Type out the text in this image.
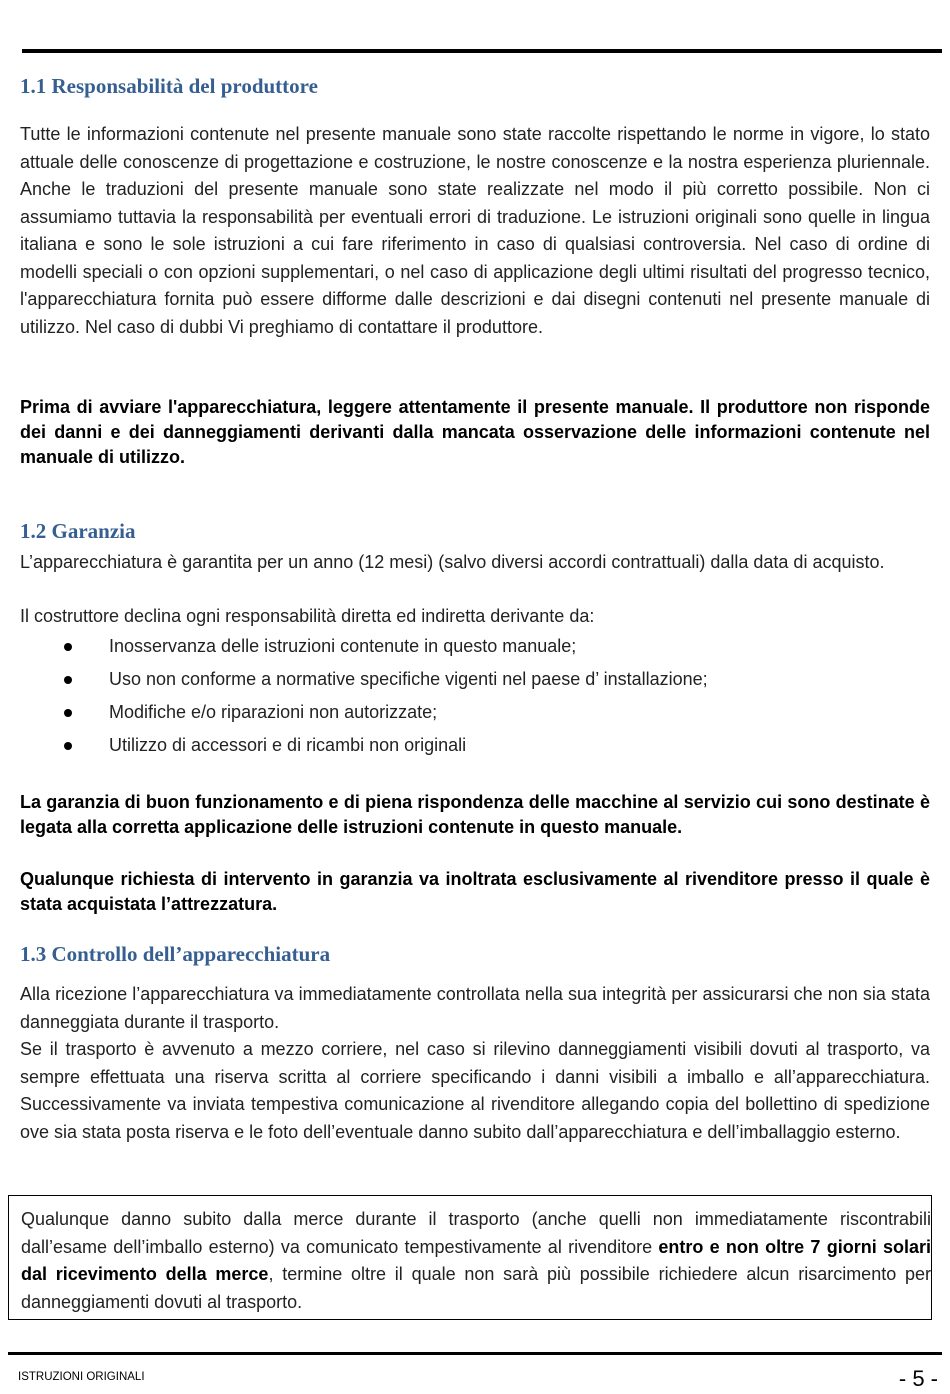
1.1 Responsabilità del produttore

Tutte le informazioni contenute nel presente manuale sono state raccolte rispettando le norme in vigore, lo stato attuale delle conoscenze di progettazione e costruzione, le nostre conoscenze e la nostra esperienza pluriennale. Anche le traduzioni del presente manuale sono state realizzate nel modo il più corretto possibile. Non ci assumiamo tuttavia la responsabilità per eventuali errori di traduzione. Le istruzioni originali sono quelle in lingua italiana e sono le sole istruzioni a cui fare riferimento in caso di qualsiasi controversia. Nel caso di ordine di modelli speciali o con opzioni supplementari, o nel caso di applicazione degli ultimi risultati del progresso tecnico, l'apparecchiatura fornita può essere difforme dalle descrizioni e dai disegni contenuti nel presente manuale di utilizzo. Nel caso di dubbi Vi preghiamo di contattare il produttore.

Prima di avviare l'apparecchiatura, leggere attentamente il presente manuale. Il produttore non risponde dei danni e dei danneggiamenti derivanti dalla mancata osservazione delle informazioni contenute nel manuale di utilizzo.

1.2 Garanzia

L’apparecchiatura è garantita per un anno (12 mesi) (salvo diversi accordi contrattuali) dalla data di acquisto.

Il costruttore declina ogni responsabilità diretta ed indiretta derivante da:

Inosservanza delle istruzioni contenute in questo manuale;
Uso non conforme a normative specifiche vigenti nel paese d’ installazione;
Modifiche e/o riparazioni non autorizzate;
Utilizzo di accessori e di ricambi non originali

La garanzia di buon funzionamento e di piena rispondenza delle macchine al servizio cui sono destinate è legata alla corretta applicazione delle istruzioni contenute in questo manuale.

Qualunque richiesta di intervento in garanzia va inoltrata esclusivamente al rivenditore presso il quale è stata acquistata l’attrezzatura.

1.3 Controllo dell’apparecchiatura

Alla ricezione l’apparecchiatura va immediatamente controllata nella sua integrità per assicurarsi che non sia stata danneggiata durante il trasporto.

Se il trasporto è avvenuto a mezzo corriere, nel caso si rilevino danneggiamenti visibili dovuti al trasporto, va sempre effettuata una riserva scritta al corriere specificando i danni visibili a imballo e all’apparecchiatura. Successivamente va inviata tempestiva comunicazione al rivenditore allegando copia del bollettino di spedizione ove sia stata posta riserva e le foto dell’eventuale danno subito dall’apparecchiatura e dell’imballaggio esterno.

Qualunque danno subito dalla merce durante il trasporto (anche quelli non immediatamente riscontrabili dall’esame dell’imballo esterno) va comunicato tempestivamente al rivenditore entro e non oltre 7 giorni solari dal ricevimento della merce, termine oltre il quale non sarà più possibile richiedere alcun risarcimento per danneggiamenti dovuti al trasporto.

ISTRUZIONI ORIGINALI	- 5 -
